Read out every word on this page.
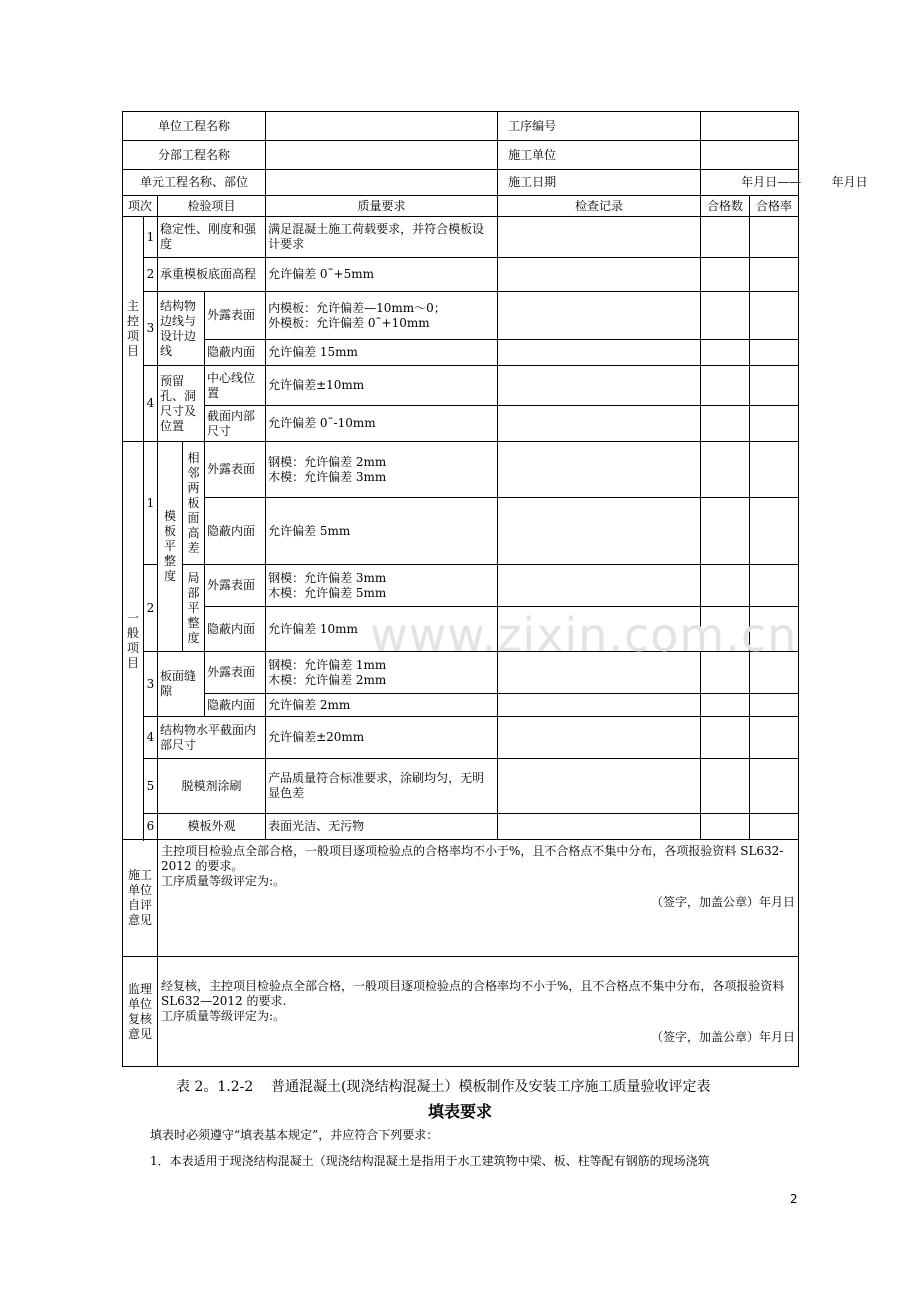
单位工程名称						工序编号		
分部工程名称						施工单位		
单元工程名称、部位						施工日期	年月日——        年月日	
项次		检验项目			质量要求	检查记录	合格数	合格率
主控项目	1	稳定性、刚度和强度			满足混凝土施工荷载要求，并符合模板设计要求			
	2	承重模板底面高程			允许偏差 0˜+5mm			
	3	结构物边线与设计边线		外露表面	内模板：允许偏差—10mm～0；
外模板：允许偏差 0˜+10mm			

				隐蔽内面	允许偏差 15mm			
	4	预留孔、洞尺寸及位置		中心线位置	允许偏差±10mm			
				截面内部尺寸	允许偏差 0˜-10mm			

一般项目	1	模板平整度	相邻两板面高差	外露表面	钢模：允许偏差 2mm
木模：允许偏差 3mm			

				隐蔽内面	允许偏差 5mm			
	2		局部平整度	外露表面	钢模：允许偏差 3mm
木模：允许偏差 5mm			

				隐蔽内面	允许偏差 10mm			
	3	板面缝隙		外露表面	钢模：允许偏差 1mm
木模：允许偏差 2mm			

				隐蔽内面	允许偏差 2mm			
	4	结构物水平截面内部尺寸			允许偏差±20mm			
	5	脱模剂涂刷			产品质量符合标准要求，涂刷均匀，无明显色差			
	6	模板外观			表面光洁、无污物			

施工单位自评意见		主控项目检验点全部合格，一般项目逐项检验点的合格率均不小于%，且不合格点不集中分布，各项报验资料 SL632-2012 的要求。

工序质量等级评定为:。

（签字，加盖公章）年月日						

监理单位复核意见		经复核，主控项目检验点全部合格，一般项目逐项检验点的合格率均不小于%，且不合格点不集中分布，各项报验资料 SL632—2012 的要求.

工序质量等级评定为:。

（签字，加盖公章）年月日						

www.zixin.com.cn
表 2。1.2-2    普通混凝土(现浇结构混凝土）模板制作及安装工序施工质量验收评定表
填表要求
填表时必须遵守“填表基本规定”，并应符合下列要求：
1．本表适用于现浇结构混凝土（现浇结构混凝土是指用于水工建筑物中梁、板、柱等配有钢筋的现场浇筑
2
